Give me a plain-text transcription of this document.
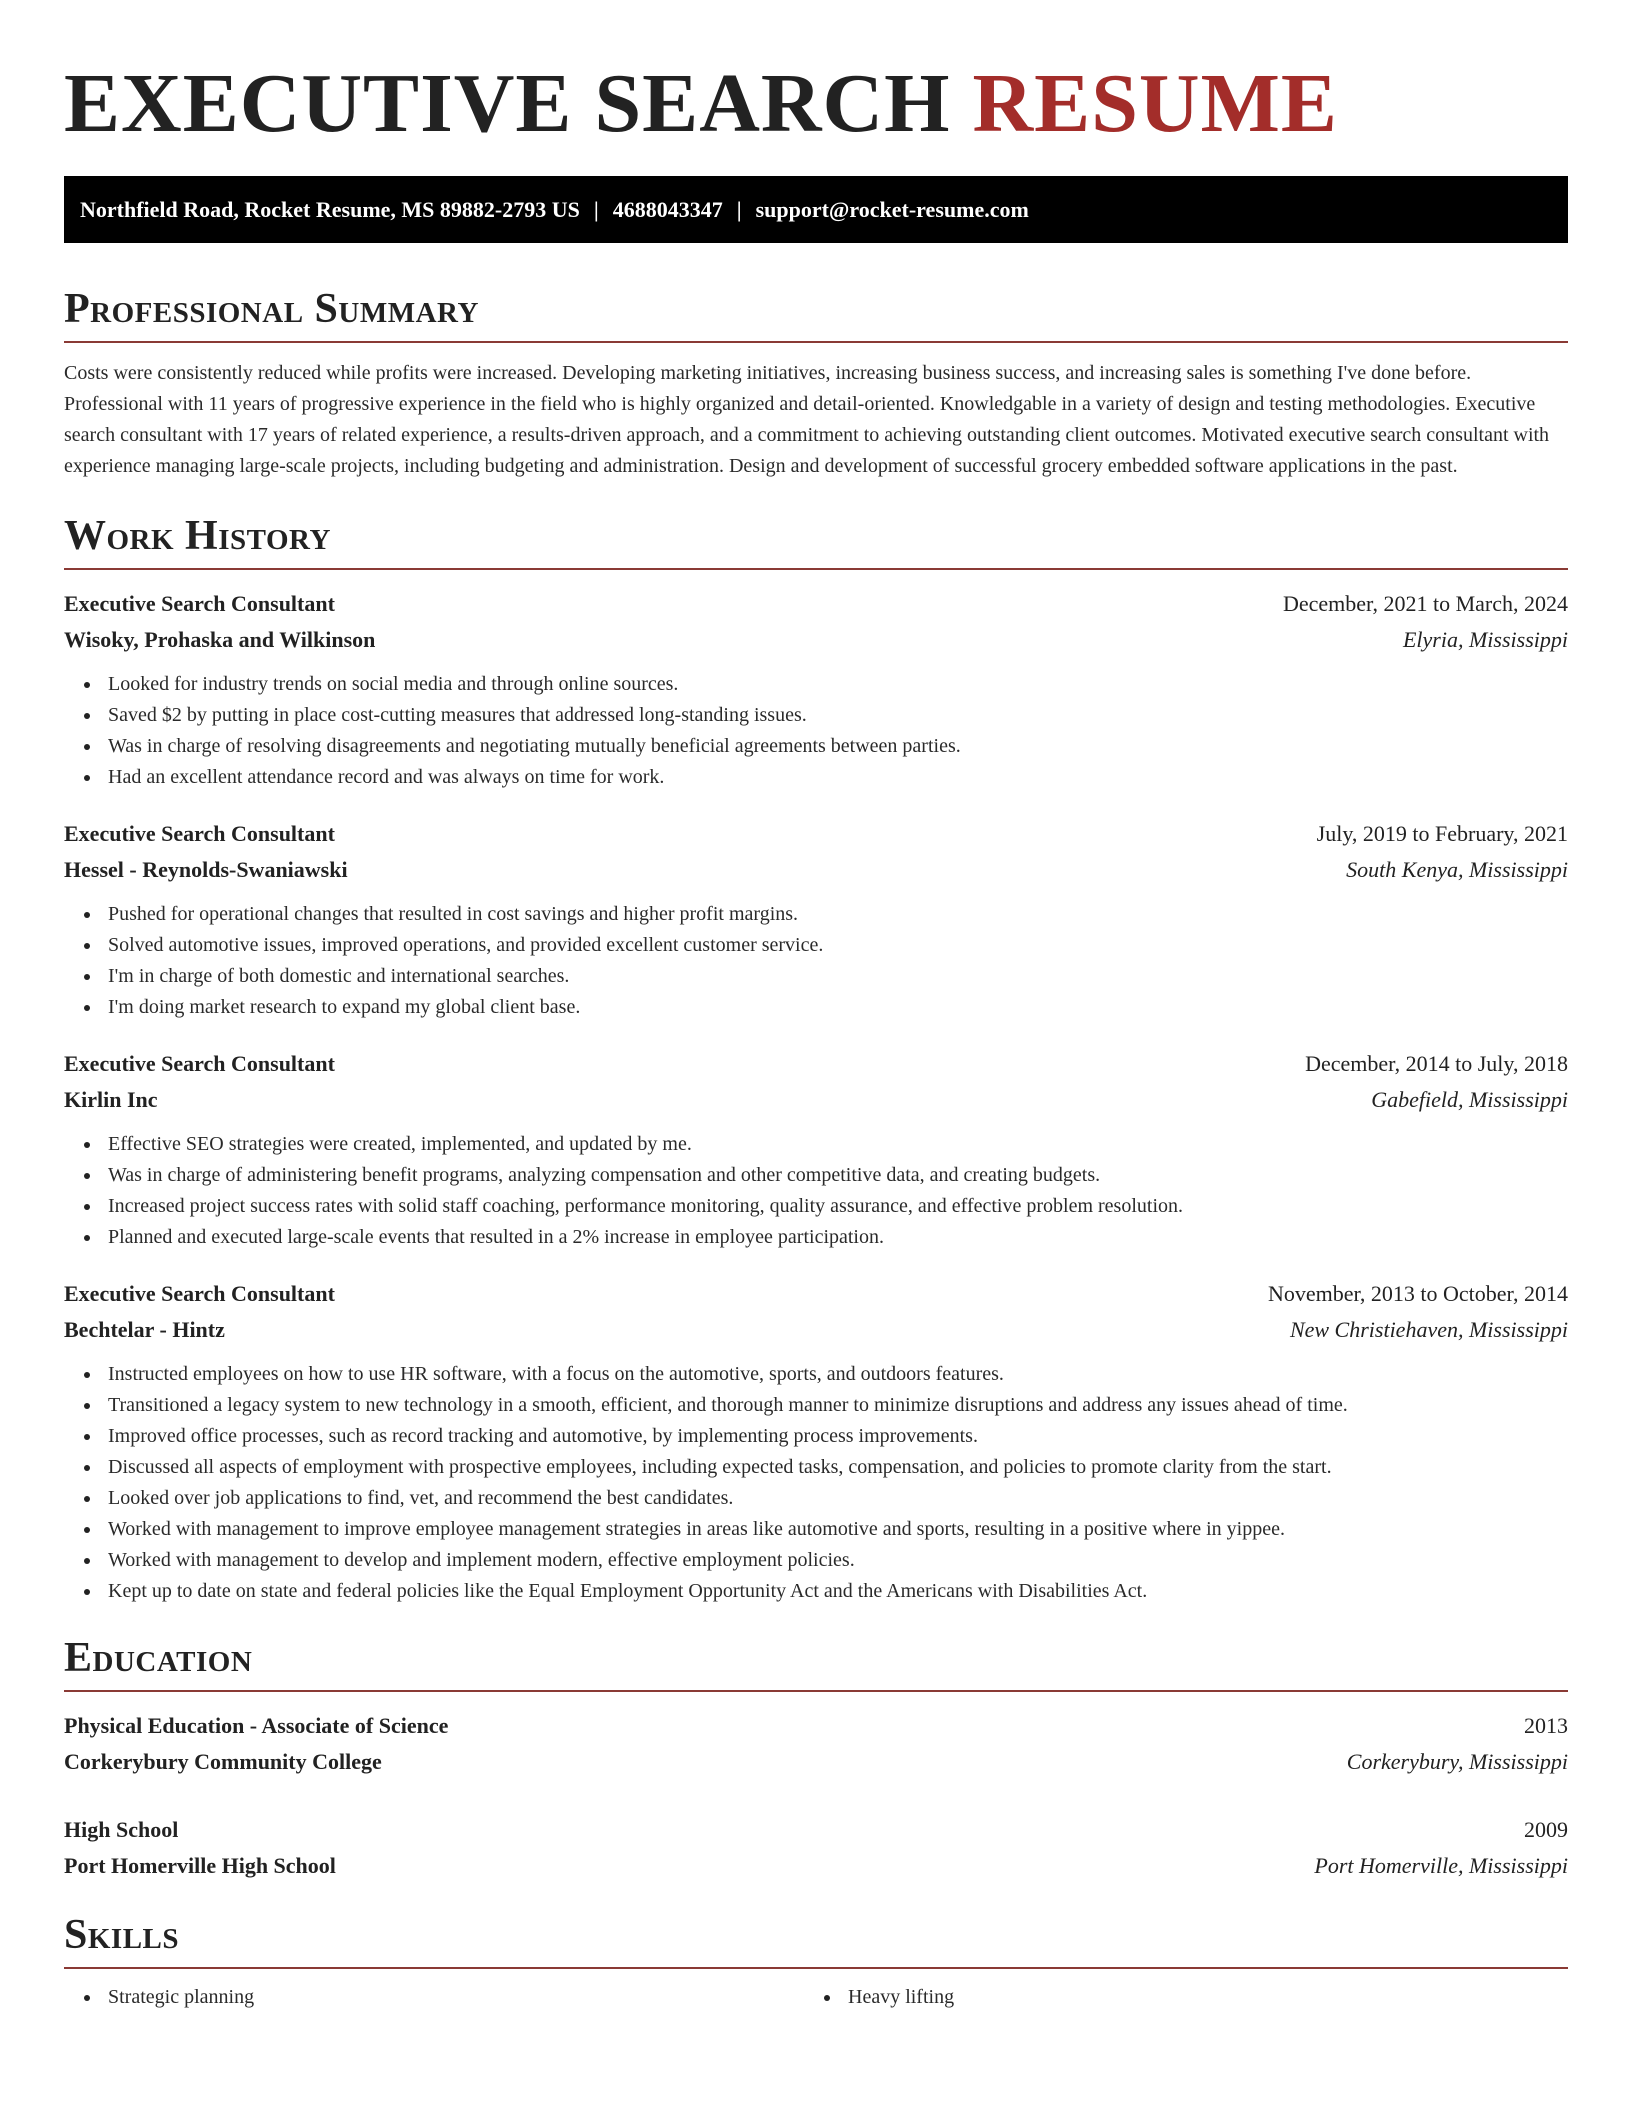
EXECUTIVE SEARCH RESUME
Northfield Road, Rocket Resume, MS 89882-2793 US | 4688043347 | support@rocket-resume.com
Professional Summary

Costs were consistently reduced while profits were increased. Developing marketing initiatives, increasing business success, and increasing sales is something I've done before. Professional with 11 years of progressive experience in the field who is highly organized and detail-oriented. Knowledgable in a variety of design and testing methodologies. Executive search consultant with 17 years of related experience, a results-driven approach, and a commitment to achieving outstanding client outcomes. Motivated executive search consultant with experience managing large-scale projects, including budgeting and administration. Design and development of successful grocery embedded software applications in the past.

Work History
Executive Search Consultant	December, 2021 to March, 2024
Wisoky, Prohaska and Wilkinson	Elyria, Mississippi
Looked for industry trends on social media and through online sources.
Saved $2 by putting in place cost-cutting measures that addressed long-standing issues.
Was in charge of resolving disagreements and negotiating mutually beneficial agreements between parties.
Had an excellent attendance record and was always on time for work.
Executive Search Consultant	July, 2019 to February, 2021
Hessel - Reynolds-Swaniawski	South Kenya, Mississippi
Pushed for operational changes that resulted in cost savings and higher profit margins.
Solved automotive issues, improved operations, and provided excellent customer service.
I'm in charge of both domestic and international searches.
I'm doing market research to expand my global client base.
Executive Search Consultant	December, 2014 to July, 2018
Kirlin Inc	Gabefield, Mississippi
Effective SEO strategies were created, implemented, and updated by me.
Was in charge of administering benefit programs, analyzing compensation and other competitive data, and creating budgets.
Increased project success rates with solid staff coaching, performance monitoring, quality assurance, and effective problem resolution.
Planned and executed large-scale events that resulted in a 2% increase in employee participation.
Executive Search Consultant	November, 2013 to October, 2014
Bechtelar - Hintz	New Christiehaven, Mississippi
Instructed employees on how to use HR software, with a focus on the automotive, sports, and outdoors features.
Transitioned a legacy system to new technology in a smooth, efficient, and thorough manner to minimize disruptions and address any issues ahead of time.
Improved office processes, such as record tracking and automotive, by implementing process improvements.
Discussed all aspects of employment with prospective employees, including expected tasks, compensation, and policies to promote clarity from the start.
Looked over job applications to find, vet, and recommend the best candidates.
Worked with management to improve employee management strategies in areas like automotive and sports, resulting in a positive where in yippee.
Worked with management to develop and implement modern, effective employment policies.
Kept up to date on state and federal policies like the Equal Employment Opportunity Act and the Americans with Disabilities Act.
Education
Physical Education - Associate of Science	2013
Corkerybury Community College	Corkerybury, Mississippi
High School	2009
Port Homerville High School	Port Homerville, Mississippi
Skills
Strategic planning	Heavy lifting
